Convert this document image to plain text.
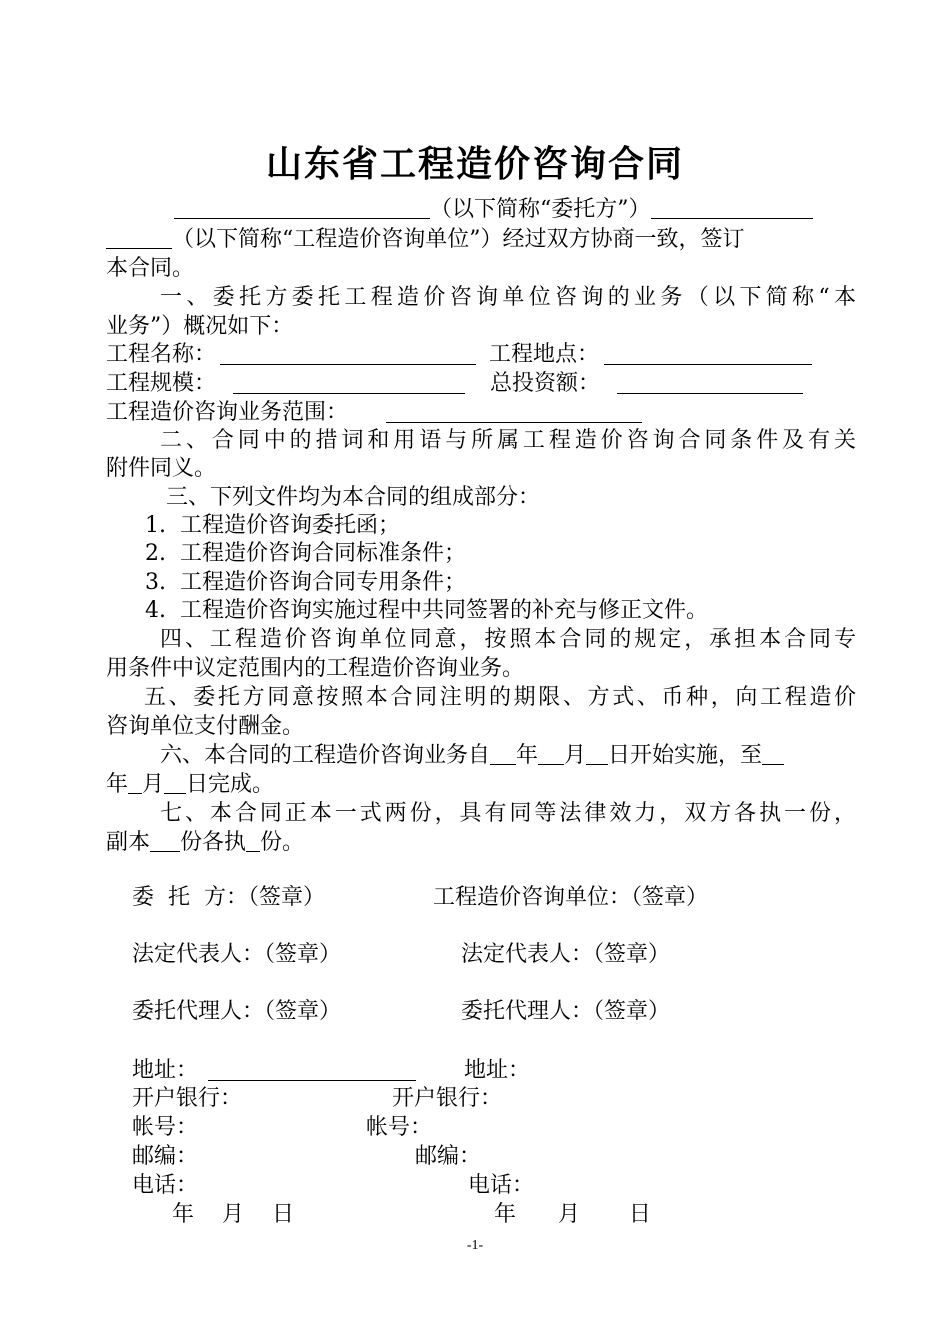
山东省工程造价咨询合同
（以下简称“委托方”）
（以下简称“工程造价咨询单位”）经过双方协商一致，签订
本合同。
一、委托方委托工程造价咨询单位咨询的业务（以下简称“本
业务”）概况如下：
工程名称：	工程地点：
工程规模：	总投资额：
工程造价咨询业务范围：
二、合同中的措词和用语与所属工程造价咨询合同条件及有关
附件同义。
三、下列文件均为本合同的组成部分：
1.  工程造价咨询委托函；
2.  工程造价咨询合同标准条件；
3.  工程造价咨询合同专用条件；
4.  工程造价咨询实施过程中共同签署的补充与修正文件。
四、工程造价咨询单位同意，按照本合同的规定，承担本合同专
用条件中议定范围内的工程造价咨询业务。
五、委托方同意按照本合同注明的期限、方式、币种，向工程造价
咨询单位支付酬金。
六、本合同的工程造价咨询业务自 年 月 日开始实施，至
年 月 日完成。
七、本合同正本一式两份，具有同等法律效力，双方各执一份，
副本 份各执 份。
委  托  方：（签章）	工程造价咨询单位：（签章）
法定代表人：（签章）	法定代表人：（签章）
委托代理人：（签章）	委托代理人：（签章）
地址：	地址：
开户银行：	开户银行：
帐号：	帐号：
邮编：	邮编：
电话：	电话：
年    月    日	年      月       日
-1-
